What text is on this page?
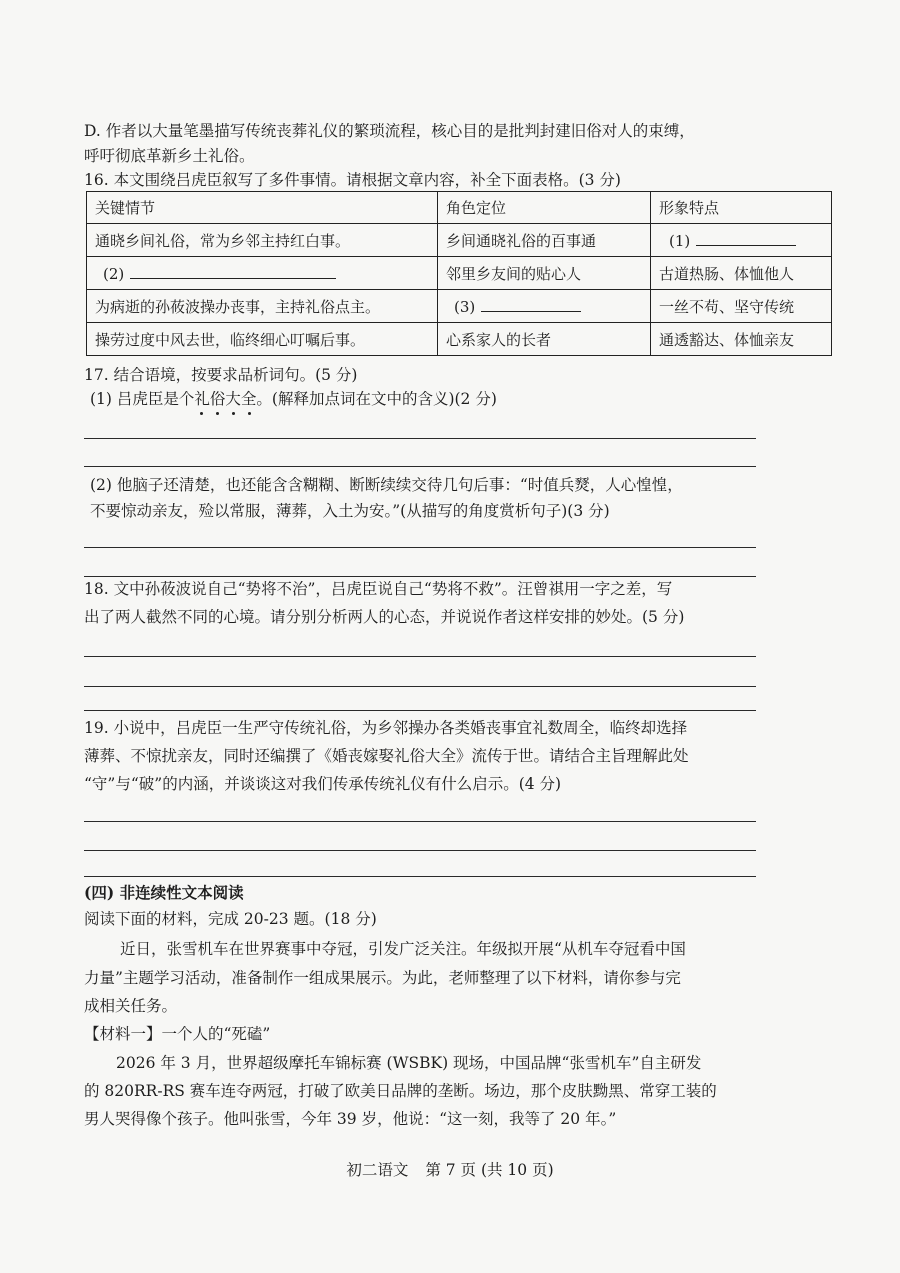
D. 作者以大量笔墨描写传统丧葬礼仪的繁琐流程，核心目的是批判封建旧俗对人的束缚，
呼吁彻底革新乡土礼俗。
16. 本文围绕吕虎臣叙写了多件事情。请根据文章内容，补全下面表格。(3 分)
关键情节	角色定位	形象特点
通晓乡间礼俗，常为乡邻主持红白事。	乡间通晓礼俗的百事通	(1)
(2)	邻里乡友间的贴心人	古道热肠、体恤他人
为病逝的孙莜波操办丧事，主持礼俗点主。	(3)	一丝不苟、坚守传统
操劳过度中风去世，临终细心叮嘱后事。	心系家人的长者	通透豁达、体恤亲友
17. 结合语境，按要求品析词句。(5 分)
(1) 吕虎臣是个礼俗大全
。(解释加点词在文中的含义)(2 分)
(2) 他脑子还清楚，也还能含含糊糊、断断续续交待几句后事：“时值兵燹，人心惶惶，
不要惊动亲友，殓以常服，薄葬，入土为安。”(从描写的角度赏析句子)(3 分)
18. 文中孙莜波说自己“势将不治”，吕虎臣说自己“势将不救”。汪曾祺用一字之差，写
出了两人截然不同的心境。请分别分析两人的心态，并说说作者这样安排的妙处。(5 分)
19. 小说中，吕虎臣一生严守传统礼俗，为乡邻操办各类婚丧事宜礼数周全，临终却选择
薄葬、不惊扰亲友，同时还编撰了《婚丧嫁娶礼俗大全》流传于世。请结合主旨理解此处
“守”与“破”的内涵，并谈谈这对我们传承传统礼仪有什么启示。(4 分)
(四) 非连续性文本阅读
阅读下面的材料，完成 20-23 题。(18 分)
近日，张雪机车在世界赛事中夺冠，引发广泛关注。年级拟开展“从机车夺冠看中国
力量”主题学习活动，准备制作一组成果展示。为此，老师整理了以下材料，请你参与完
成相关任务。
【材料一】一个人的“死磕”
2026 年 3 月，世界超级摩托车锦标赛 (WSBK) 现场，中国品牌“张雪机车”自主研发
的 820RR-RS 赛车连夺两冠，打破了欧美日品牌的垄断。场边，那个皮肤黝黑、常穿工装的
男人哭得像个孩子。他叫张雪，今年 39 岁，他说：“这一刻，我等了 20 年。”
初二语文 第 7 页 (共 10 页)
